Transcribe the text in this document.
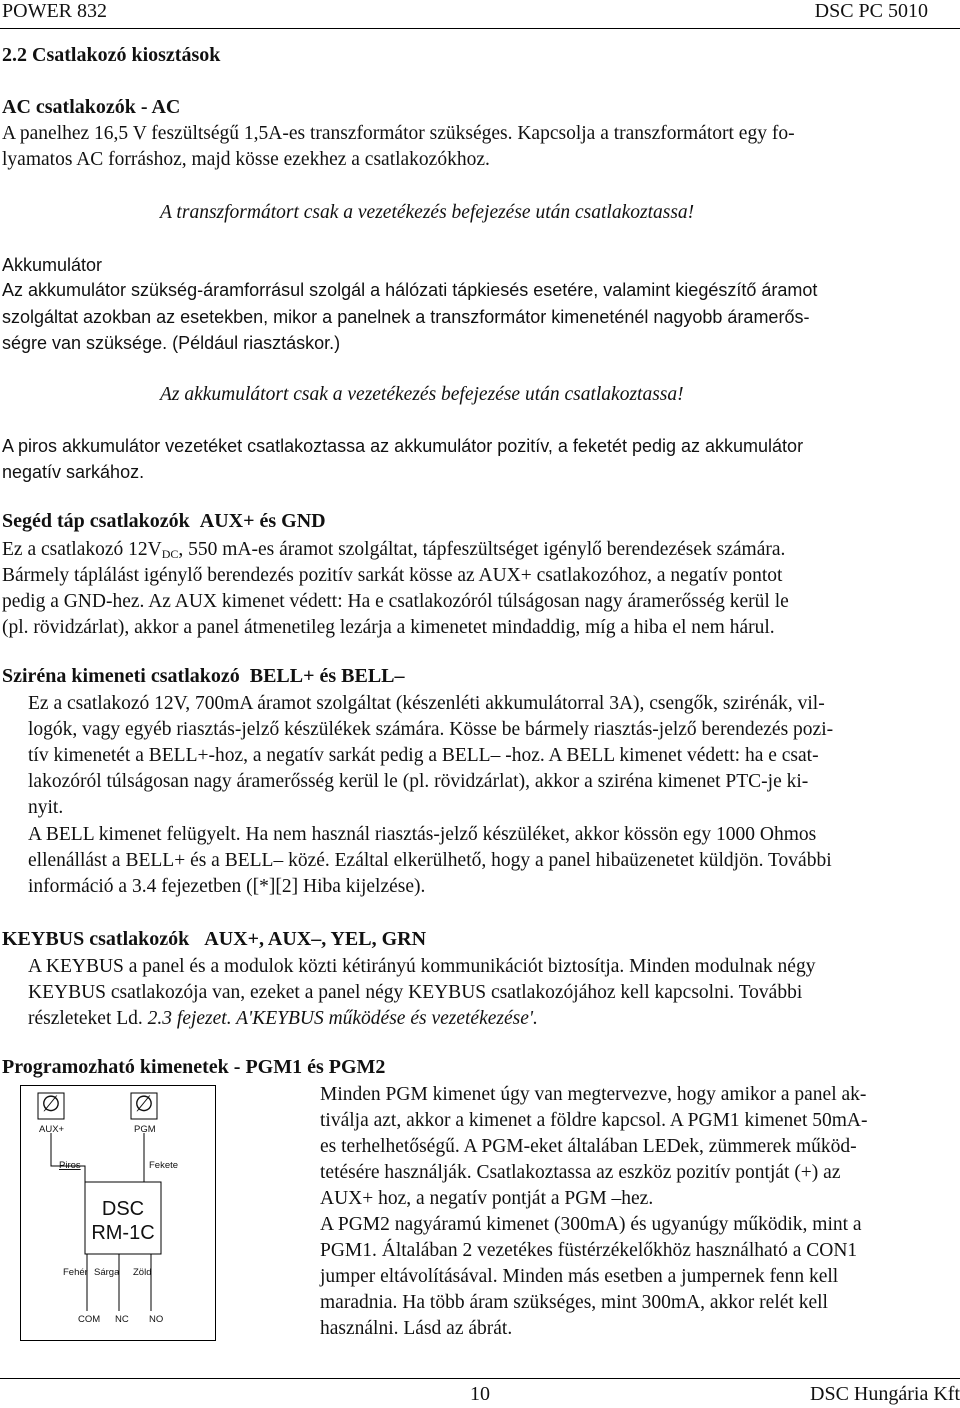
POWER 832	DSC PC 5010
2.2 Csatlakozó kiosztások
AC csatlakozók - AC
A panelhez 16,5 V feszültségű 1,5A-es transzformátor szükséges. Kapcsolja a transzformátort egy fo-
lyamatos AC forráshoz, majd kösse ezekhez a csatlakozókhoz.
A transzformátort csak a vezetékezés befejezése után csatlakoztassa!
Akkumulátor
Az akkumulátor szükség-áramforrásul szolgál a hálózati tápkiesés esetére, valamint kiegészítő áramot
szolgáltat azokban az esetekben, mikor a panelnek a transzformátor kimeneténél nagyobb áramerős-
ségre van szüksége. (Például riasztáskor.)
Az akkumulátort csak a vezetékezés befejezése után csatlakoztassa!
A piros akkumulátor vezetéket csatlakoztassa az akkumulátor pozitív, a feketét pedig az akkumulátor
negatív sarkához.
Segéd táp csatlakozók AUX+ és GND
Ez a csatlakozó $12V_{DC}$, 550 mA-es áramot szolgáltat, tápfeszültséget igénylő berendezések számára.
Bármely táplálást igénylő berendezés pozitív sarkát kösse az AUX+ csatlakozóhoz, a negatív pontot
pedig a GND-hez. Az AUX kimenet védett: Ha e csatlakozóról túlságosan nagy áramerősség kerül le
(pl. rövidzárlat), akkor a panel átmenetileg lezárja a kimenetet mindaddig, míg a hiba el nem hárul.
Sziréna kimeneti csatlakozó BELL+ és BELL–
Ez a csatlakozó 12V, 700mA áramot szolgáltat (készenléti akkumulátorral 3A), csengők, szirénák, vil-
logók, vagy egyéb riasztás-jelző készülékek számára. Kösse be bármely riasztás-jelző berendezés pozi-
tív kimenetét a BELL+-hoz, a negatív sarkát pedig a BELL– -hoz. A BELL kimenet védett: ha e csat-
lakozóról túlságosan nagy áramerősség kerül le (pl. rövidzárlat), akkor a sziréna kimenet PTC-je ki-
nyit.
A BELL kimenet felügyelt. Ha nem használ riasztás-jelző készüléket, akkor kössön egy 1000 Ohmos
ellenállást a BELL+ és a BELL– közé. Ezáltal elkerülhető, hogy a panel hibaüzenetet küldjön. További
információ a 3.4 fejezetben ([*][2] Hiba kijelzése).
KEYBUS csatlakozók AUX+, AUX–, YEL, GRN
A KEYBUS a panel és a modulok közti kétirányú kommunikációt biztosítja. Minden modulnak négy
KEYBUS csatlakozója van, ezeket a panel négy KEYBUS csatlakozójához kell kapcsolni. További
részleteket Ld. 2.3 fejezet. A'KEYBUS működése és vezetékezése'.
Programozható kimenetek - PGM1 és PGM2
Minden PGM kimenet úgy van megtervezve, hogy amikor a panel ak-
tiválja azt, akkor a kimenet a földre kapcsol. A PGM1 kimenet 50mA-
es terhelhetőségű. A PGM-eket általában LEDek, zümmerek működ-
tetésére használják. Csatlakoztassa az eszköz pozitív pontját (+) az
AUX+ hoz, a negatív pontját a PGM –hez.
A PGM2 nagyáramú kimenet (300mA) és ugyanúgy működik, mint a
PGM1. Általában 2 vezetékes füstérzékelőkhöz használható a CON1
jumper eltávolításával. Minden más esetben a jumpernek fenn kell
maradnia. Ha több áram szükséges, mint 300mA, akkor relét kell
használni. Lásd az ábrát.
∅	∅
AUX+	PGM
Piros	Fekete
DSC
RM-1C
Fehér Sárga Zöld
COM NC NO
10	DSC Hungária Kft
